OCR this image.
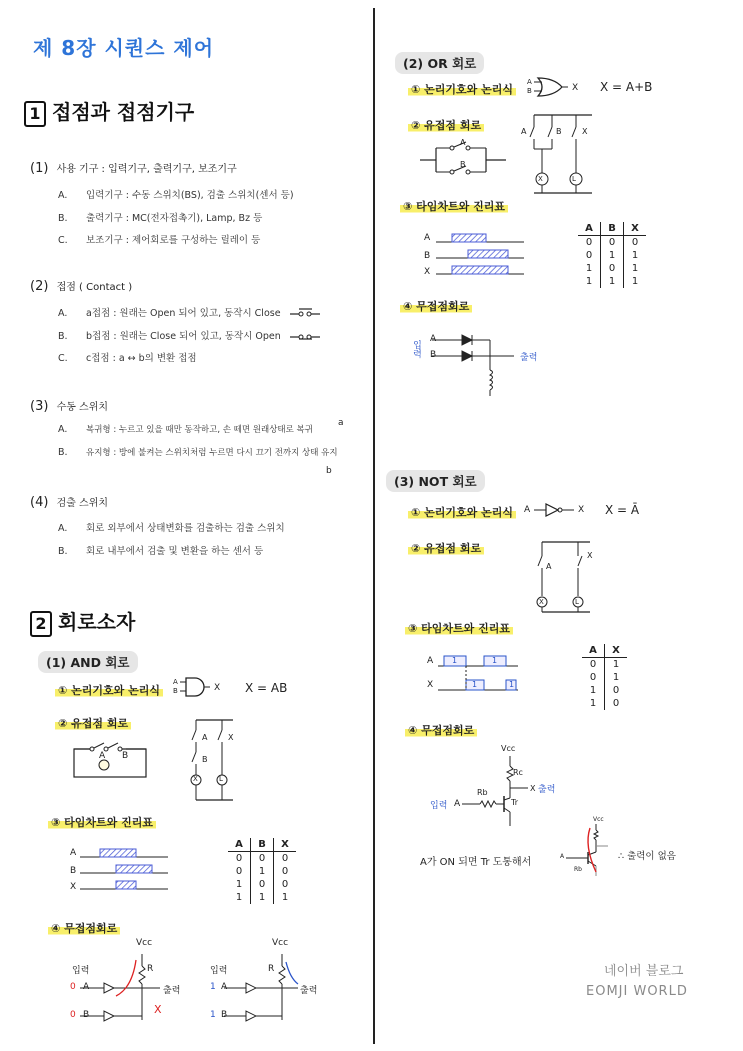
제 8장 시퀀스 제어
1 접점과 접점기구
(1) 사용 기구 : 입력기구, 출력기구, 보조기구
A. 입력기구 : 수동 스위치(BS), 검출 스위치(센서 등)
B. 출력기구 : MC(전자접촉기), Lamp, Bz 등
C. 보조기구 : 제어회로를 구성하는 릴레이 등
(2) 접점 ( Contact )
A. a접점 : 원래는 Open 되어 있고, 동작시 Close
B. b접점 : 원래는 Close 되어 있고, 동작시 Open
C. c접점 : a ↔ b의 변환 접점
(3) 수동 스위치
A. 복귀형 : 누르고 있을 때만 동작하고, 손 떼면 원래상태로 복귀
B. 유지형 : 방에 불켜는 스위치처럼 누르면 다시 끄기 전까지 상태 유지
a
b
(4) 검출 스위치
A. 회로 외부에서 상태변화를 검출하는 검출 스위치
B. 회로 내부에서 검출 및 변환을 하는 센서 등
2 회로소자
(1) AND 회로
① 논리기호와 논리식
A
B	X X = AB
② 유접점 회로
A B
A
B
X
X	L
③ 타임차트와 진리표
A
B
X
A	B	X
0	0	0
0	1	0
1	0	0
1	1	1
④ 무접점회로
Vcc
입력	R
0 A
0 B
출력
X
Vcc
입력	R
1 A
1 B
출력
(2) OR 회로
① 논리기호와 논리식
A
B	X X = A+B
② 유접점 회로
A
B
A	B	X
X	L
③ 타임차트와 진리표
A
B
X
A	B	X
0	0	0
0	1	1
1	0	1
1	1	1
④ 무접점회로
입력
A
B	출력
(3) NOT 회로
① 논리기호와 논리식	A	X X = Ā
② 유접점 회로
A
X
X	L
③ 타임차트와 진리표
A
X
1	1
1	1
A	X
0	1
0	1
1	0
1	0
④ 무접점회로
Vcc
Rc
X 출력
Rb
Tr
입력 A
A가 ON 되면 Tr 도통해서
Vcc
Rb
A	∴ 출력이 없음
네이버 블로그
EOMJI WORLD
